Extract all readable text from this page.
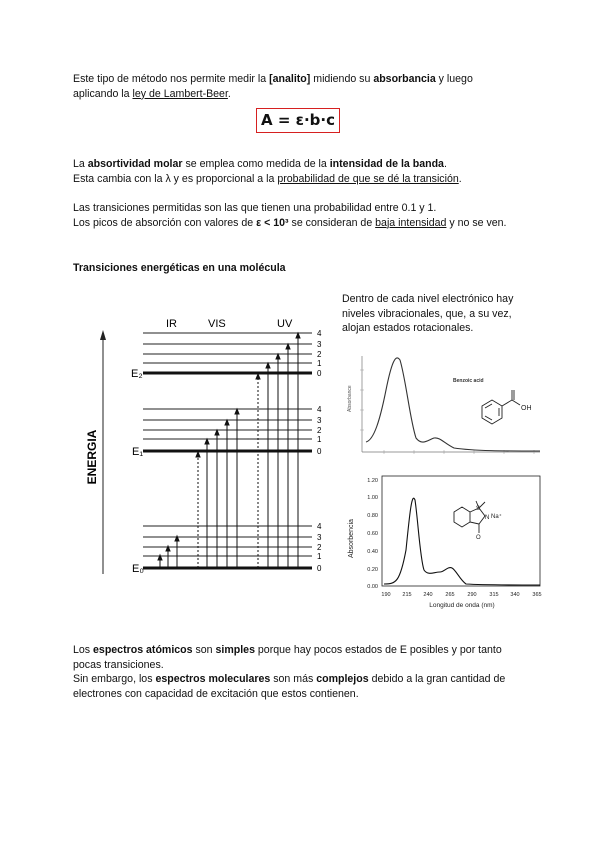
Este tipo de método nos permite medir la [analito] midiendo su absorbancia y luego

aplicando la ley de Lambert-Beer.

A = ε·b·c

La absortividad molar se emplea como medida de la intensidad de la banda.

Esta cambia con la λ y es proporcional a la probabilidad de que se dé la transición.

Las transiciones permitidas son las que tienen una probabilidad entre 0.1 y 1.

Los picos de absorción con valores de ε < 10³ se consideran de baja intensidad y no se ven.

Transiciones energéticas en una molécula

Dentro de cada nivel electrónico hay

niveles vibracionales, que, a su vez,

alojan estados rotacionales.

ENERGIA
IR	VIS	UV
E₂
4
3
2
1
0
E₁
4
3
2
1
0
E₀
4
3
2
1
0
Absorbance
Benzoic acid
OH
Absorbencia
1.20
1.00
0.80
0.60
0.40
0.20
0.00
190 215 240 265 290 315 340 365
Longitud de onda (nm)
S
N Na⁺
O

Los espectros atómicos son simples porque hay pocos estados de E posibles y por tanto

pocas transiciones.

Sin embargo, los espectros moleculares son más complejos debido a la gran cantidad de

electrones con capacidad de excitación que estos contienen.
